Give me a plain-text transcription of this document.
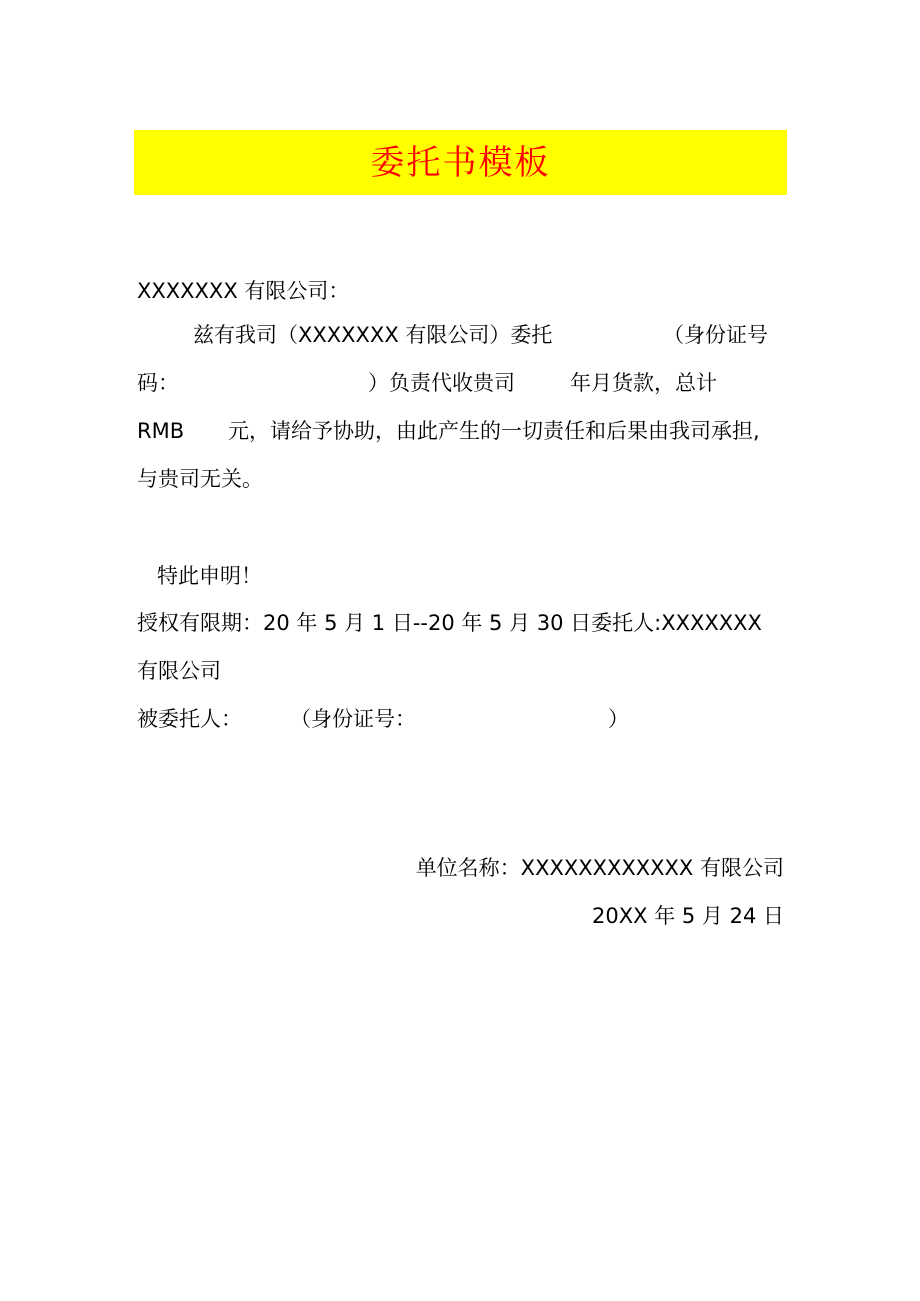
委托书模板
XXXXXXX 有限公司：
兹有我司（XXXXXXX 有限公司）委托	（身份证号
码：	）负责代收贵司	年月货款，总计
RMB 元，请给予协助，由此产生的一切责任和后果由我司承担,
与贵司无关。
特此申明！
授权有限期：20 年 5 月 1 日--20 年 5 月 30 日委托人:XXXXXXX
有限公司
被委托人： （身份证号：	）
单位名称：XXXXXXXXXXXX 有限公司
20XX 年 5 月 24 日
